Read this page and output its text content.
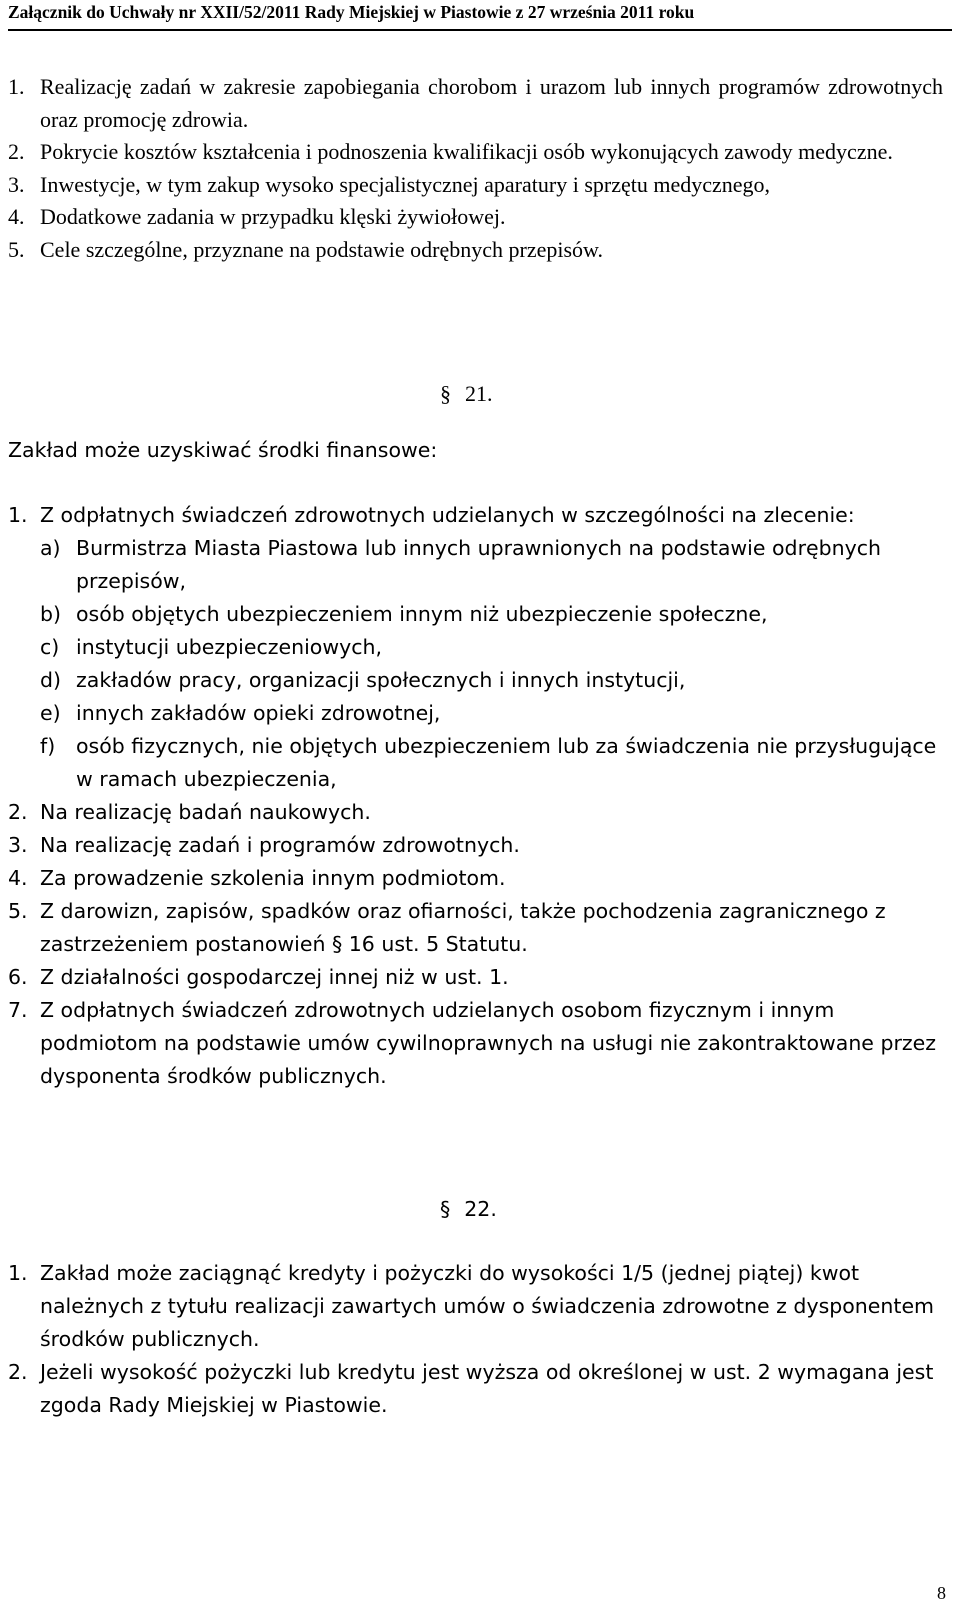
Załącznik do Uchwały nr XXII/52/2011 Rady Miejskiej w Piastowie z 27 września 2011 roku
1. Realizację zadań w zakresie zapobiegania chorobom i urazom lub innych programów zdrowotnych oraz promocję zdrowia.
2. Pokrycie kosztów kształcenia i podnoszenia kwalifikacji osób wykonujących zawody medyczne.
3. Inwestycje, w tym zakup wysoko specjalistycznej aparatury i sprzętu medycznego,
4. Dodatkowe zadania w przypadku klęski żywiołowej.
5. Cele szczególne, przyznane na podstawie odrębnych przepisów.
§ 21.
Zakład może uzyskiwać środki finansowe:
1. Z odpłatnych świadczeń zdrowotnych udzielanych w szczególności na zlecenie:
a) Burmistrza Miasta Piastowa lub innych uprawnionych na podstawie odrębnych przepisów,
b) osób objętych ubezpieczeniem innym niż ubezpieczenie społeczne,
c) instytucji ubezpieczeniowych,
d) zakładów pracy, organizacji społecznych i innych instytucji,
e) innych zakładów opieki zdrowotnej,
f)	osób fizycznych, nie objętych ubezpieczeniem lub za świadczenia nie przysługujące w ramach ubezpieczenia,
2. Na realizację badań naukowych.
3. Na realizację zadań i programów zdrowotnych.
4. Za prowadzenie szkolenia innym podmiotom.
5. Z darowizn, zapisów, spadków oraz ofiarności, także pochodzenia zagranicznego z zastrzeżeniem postanowień § 16 ust. 5 Statutu.
6. Z działalności gospodarczej innej niż w ust. 1.
7. Z odpłatnych świadczeń zdrowotnych udzielanych osobom fizycznym i innym podmiotom na podstawie umów cywilnoprawnych na usługi nie zakontraktowane przez dysponenta środków publicznych.
§ 22.
1. Zakład może zaciągnąć kredyty i pożyczki do wysokości 1/5 (jednej piątej) kwot należnych z tytułu realizacji zawartych umów o świadczenia zdrowotne z dysponentem środków publicznych.
2. Jeżeli wysokość pożyczki lub kredytu jest wyższa od określonej w ust. 2 wymagana jest zgoda Rady Miejskiej w Piastowie.
8
